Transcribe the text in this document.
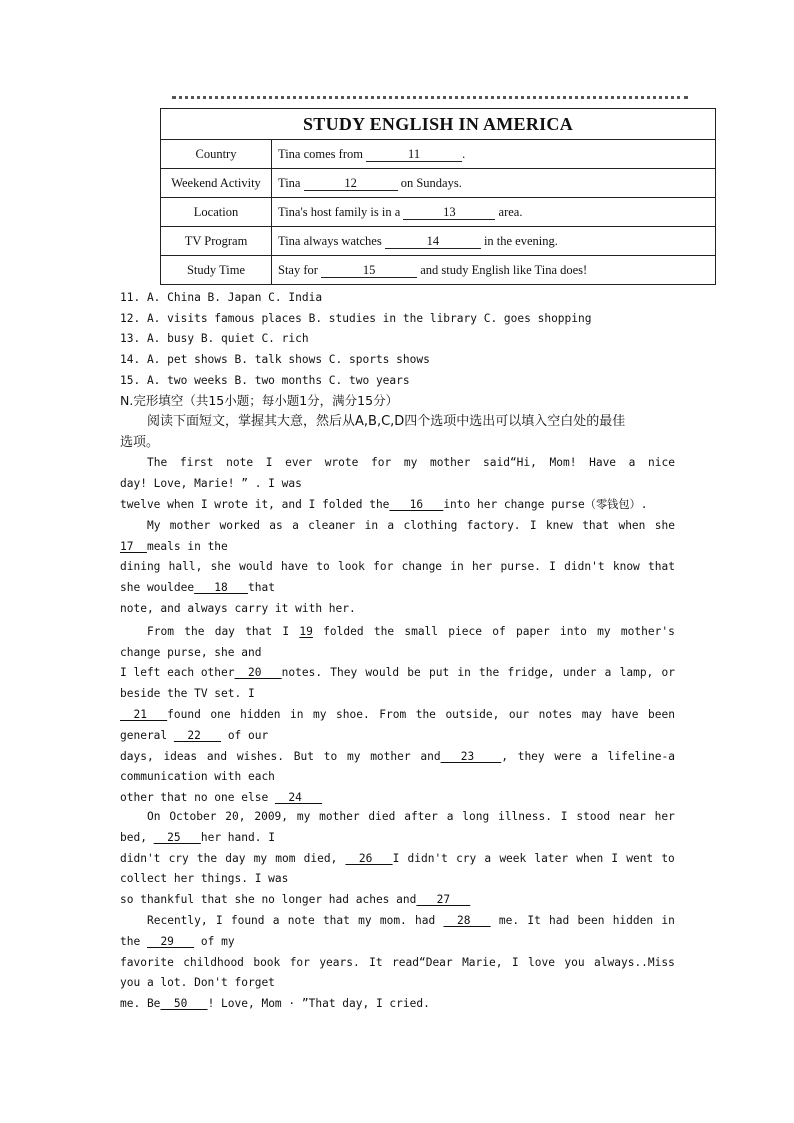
STUDY ENGLISH IN AMERICA	
Country	Tina comes from 11 .
Weekend Activity	Tina 12 on Sundays.
Location	Tina's host family is in a 13 area.
TV Program	Tina always watches 14 in the evening.
Study Time	Stay for 15 and study English like Tina does!
11. A. China B. Japan C. India
12. A. visits famous places B. studies in the library C. goes shopping
13. A. busy B. quiet C. rich
14. A. pet shows B. talk shows C. sports shows
15. A. two weeks B. two months C. two years
N.完形填空（共15小题；每小题1分，满分15分）
阅读下面短文，掌握其大意，然后从A,B,C,D四个选项中选出可以填入空白处的最佳
选项。
The first note I ever wrote for my mother said“Hi, Mom! Have a nice
day! Love, Marie! ” . I was
twelve when I wrote it, and I folded the 16 into her change purse（零钱包）.
My mother worked as a cleaner in a clothing factory. I knew that when she
17 meals in the
dining hall, she would have to look for change in her purse. I didn't know that
she wouldee 18 that
note, and always carry it with her.
From the day that I 19 folded the small piece of paper into my mother's
change purse, she and
I left each other  20   notes. They would be put in the fridge, under a lamp, or
beside the TV set. I
21   found one hidden in my shoe. From the outside, our notes may have been
general
22
of our
days, ideas and wishes. But to my mother and   23    , they were a lifeline-a
communication with each
other that no one else
24
On October 20, 2009, my mother died after a long illness. I stood near her
bed,
25 her hand. I
didn't cry the day my mom died, 26   I didn't cry a week later when I went to
collect her things. I was
so thankful that she no longer had aches and 27
Recently, I found a note that my mom. had 28 me. It had been hidden in
the
29
of my
favorite childhood book for years. It read“Dear Marie, I love you always..Miss
you a lot. Don't forget
me. Be 50 ! Love, Mom · ”That day, I cried.
